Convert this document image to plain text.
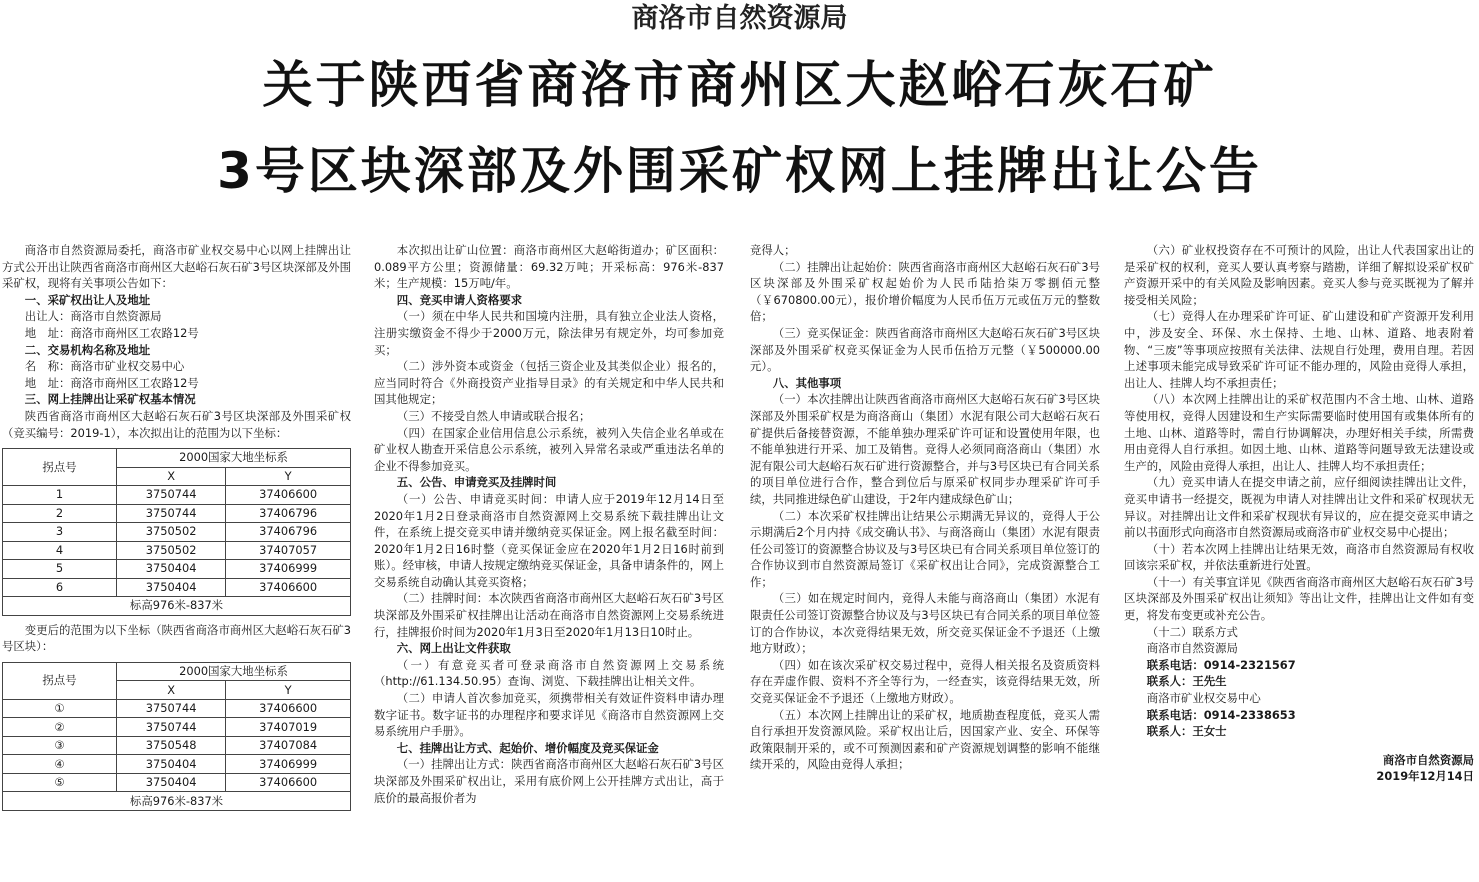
商洛市自然资源局
关于陕西省商洛市商州区大赵峪石灰石矿
3号区块深部及外围采矿权网上挂牌出让公告

商洛市自然资源局委托，商洛市矿业权交易中心以网上挂牌出让方式公开出让陕西省商洛市商州区大赵峪石灰石矿3号区块深部及外围采矿权，现将有关事项公告如下：

一、采矿权出让人及地址

出让人：商洛市自然资源局

地　址：商洛市商州区工农路12号

二、交易机构名称及地址

名　称：商洛市矿业权交易中心

地　址：商洛市商州区工农路12号

三、网上挂牌出让采矿权基本情况

陕西省商洛市商州区大赵峪石灰石矿3号区块深部及外围采矿权（竞买编号：2019-1），本次拟出让的范围为以下坐标：

拐点号	2000国家大地坐标系	
	X	Y
1	3750744	37406600
2	3750744	37406796
3	3750502	37406796
4	3750502	37407057
5	3750404	37406999
6	3750404	37406600
标高976米-837米		

变更后的范围为以下坐标（陕西省商洛市商州区大赵峪石灰石矿3号区块）：

拐点号	2000国家大地坐标系	
	X	Y
①	3750744	37406600
②	3750744	37407019
③	3750548	37407084
④	3750404	37406999
⑤	3750404	37406600
标高976米-837米		

本次拟出让矿山位置：商洛市商州区大赵峪街道办；矿区面积：0.089平方公里；资源储量：69.32万吨；开采标高：976米-837米；生产规模：15万吨/年。

四、竞买申请人资格要求

（一）须在中华人民共和国境内注册，具有独立企业法人资格，注册实缴资金不得少于2000万元，除法律另有规定外，均可参加竞买；

（二）涉外资本或资金（包括三资企业及其类似企业）报名的，应当同时符合《外商投资产业指导目录》的有关规定和中华人民共和国其他规定；

（三）不接受自然人申请或联合报名；

（四）在国家企业信用信息公示系统，被列入失信企业名单或在矿业权人勘查开采信息公示系统，被列入异常名录或严重违法名单的企业不得参加竞买。

五、公告、申请竞买及挂牌时间

（一）公告、申请竞买时间：申请人应于2019年12月14日至2020年1月2日登录商洛市自然资源网上交易系统下载挂牌出让文件，在系统上提交竞买申请并缴纳竞买保证金。网上报名截至时间：2020年1月2日16时整（竞买保证金应在2020年1月2日16时前到账）。经审核，申请人按规定缴纳竞买保证金，具备申请条件的，网上交易系统自动确认其竞买资格；

（二）挂牌时间：本次陕西省商洛市商州区大赵峪石灰石矿3号区块深部及外围采矿权挂牌出让活动在商洛市自然资源网上交易系统进行，挂牌报价时间为2020年1月3日至2020年1月13日10时止。

六、网上出让文件获取

（一）有意竞买者可登录商洛市自然资源网上交易系统（http://61.134.50.95）查询、浏览、下载挂牌出让相关文件。

（二）申请人首次参加竞买，须携带相关有效证件资料申请办理数字证书。数字证书的办理程序和要求详见《商洛市自然资源网上交易系统用户手册》。

七、挂牌出让方式、起始价、增价幅度及竞买保证金

（一）挂牌出让方式：陕西省商洛市商州区大赵峪石灰石矿3号区块深部及外围采矿权出让，采用有底价网上公开挂牌方式出让，高于底价的最高报价者为

竞得人；

（二）挂牌出让起始价：陕西省商洛市商州区大赵峪石灰石矿3号区块深部及外围采矿权起始价为人民币陆拾柒万零捌佰元整（￥670800.00元），报价增价幅度为人民币伍万元或伍万元的整数倍；

（三）竞买保证金：陕西省商洛市商州区大赵峪石灰石矿3号区块深部及外围采矿权竞买保证金为人民币伍拾万元整（￥500000.00元）。

八、其他事项

（一）本次挂牌出让陕西省商洛市商州区大赵峪石灰石矿3号区块深部及外围采矿权是为商洛商山（集团）水泥有限公司大赵峪石灰石矿提供后备接替资源，不能单独办理采矿许可证和设置使用年限，也不能单独进行开采、加工及销售。竞得人必须同商洛商山（集团）水泥有限公司大赵峪石灰石矿进行资源整合，并与3号区块已有合同关系的项目单位进行合作，整合到位后与原采矿权同步办理采矿许可手续，共同推进绿色矿山建设，于2年内建成绿色矿山；

（二）本次采矿权挂牌出让结果公示期满无异议的，竞得人于公示期满后2个月内持《成交确认书》、与商洛商山（集团）水泥有限责任公司签订的资源整合协议及与3号区块已有合同关系项目单位签订的合作协议到市自然资源局签订《采矿权出让合同》，完成资源整合工作；

（三）如在规定时间内，竞得人未能与商洛商山（集团）水泥有限责任公司签订资源整合协议及与3号区块已有合同关系的项目单位签订的合作协议，本次竞得结果无效，所交竞买保证金不予退还（上缴地方财政）；

（四）如在该次采矿权交易过程中，竞得人相关报名及资质资料存在弄虚作假、资料不齐全等行为，一经查实，该竞得结果无效，所交竞买保证金不予退还（上缴地方财政）。

（五）本次网上挂牌出让的采矿权，地质勘查程度低，竞买人需自行承担开发资源风险。采矿权出让后，因国家产业、安全、环保等政策限制开采的，或不可预测因素和矿产资源规划调整的影响不能继续开采的，风险由竞得人承担；

（六）矿业权投资存在不可预计的风险，出让人代表国家出让的是采矿权的权利，竞买人要认真考察与踏勘，详细了解拟设采矿权矿产资源开采中的有关风险及影响因素。竞买人参与竞买既视为了解并接受相关风险；

（七）竞得人在办理采矿许可证、矿山建设和矿产资源开发利用中，涉及安全、环保、水土保持、土地、山林、道路、地表附着物、“三废”等事项应按照有关法律、法规自行处理，费用自理。若因上述事项未能完成导致采矿许可证不能办理的，风险由竞得人承担，出让人、挂牌人均不承担责任；

（八）本次网上挂牌出让的采矿权范围内不含土地、山林、道路等使用权，竞得人因建设和生产实际需要临时使用国有或集体所有的土地、山林、道路等时，需自行协调解决，办理好相关手续，所需费用由竞得人自行承担。如因土地、山林、道路等问题导致无法建设或生产的，风险由竞得人承担，出让人、挂牌人均不承担责任；

（九）竞买申请人在提交申请之前，应仔细阅读挂牌出让文件，竞买申请书一经提交，既视为申请人对挂牌出让文件和采矿权现状无异议。对挂牌出让文件和采矿权现状有异议的，应在提交竞买申请之前以书面形式向商洛市自然资源局或商洛市矿业权交易中心提出；

（十）若本次网上挂牌出让结果无效，商洛市自然资源局有权收回该宗采矿权，并依法重新进行处置。

（十一）有关事宜详见《陕西省商洛市商州区大赵峪石灰石矿3号区块深部及外围采矿权出让须知》等出让文件，挂牌出让文件如有变更，将发布变更或补充公告。

（十二）联系方式

商洛市自然资源局

联系电话：0914-2321567

联系人：王先生

商洛市矿业权交易中心

联系电话：0914-2338653

联系人：王女士

商洛市自然资源局
2019年12月14日
